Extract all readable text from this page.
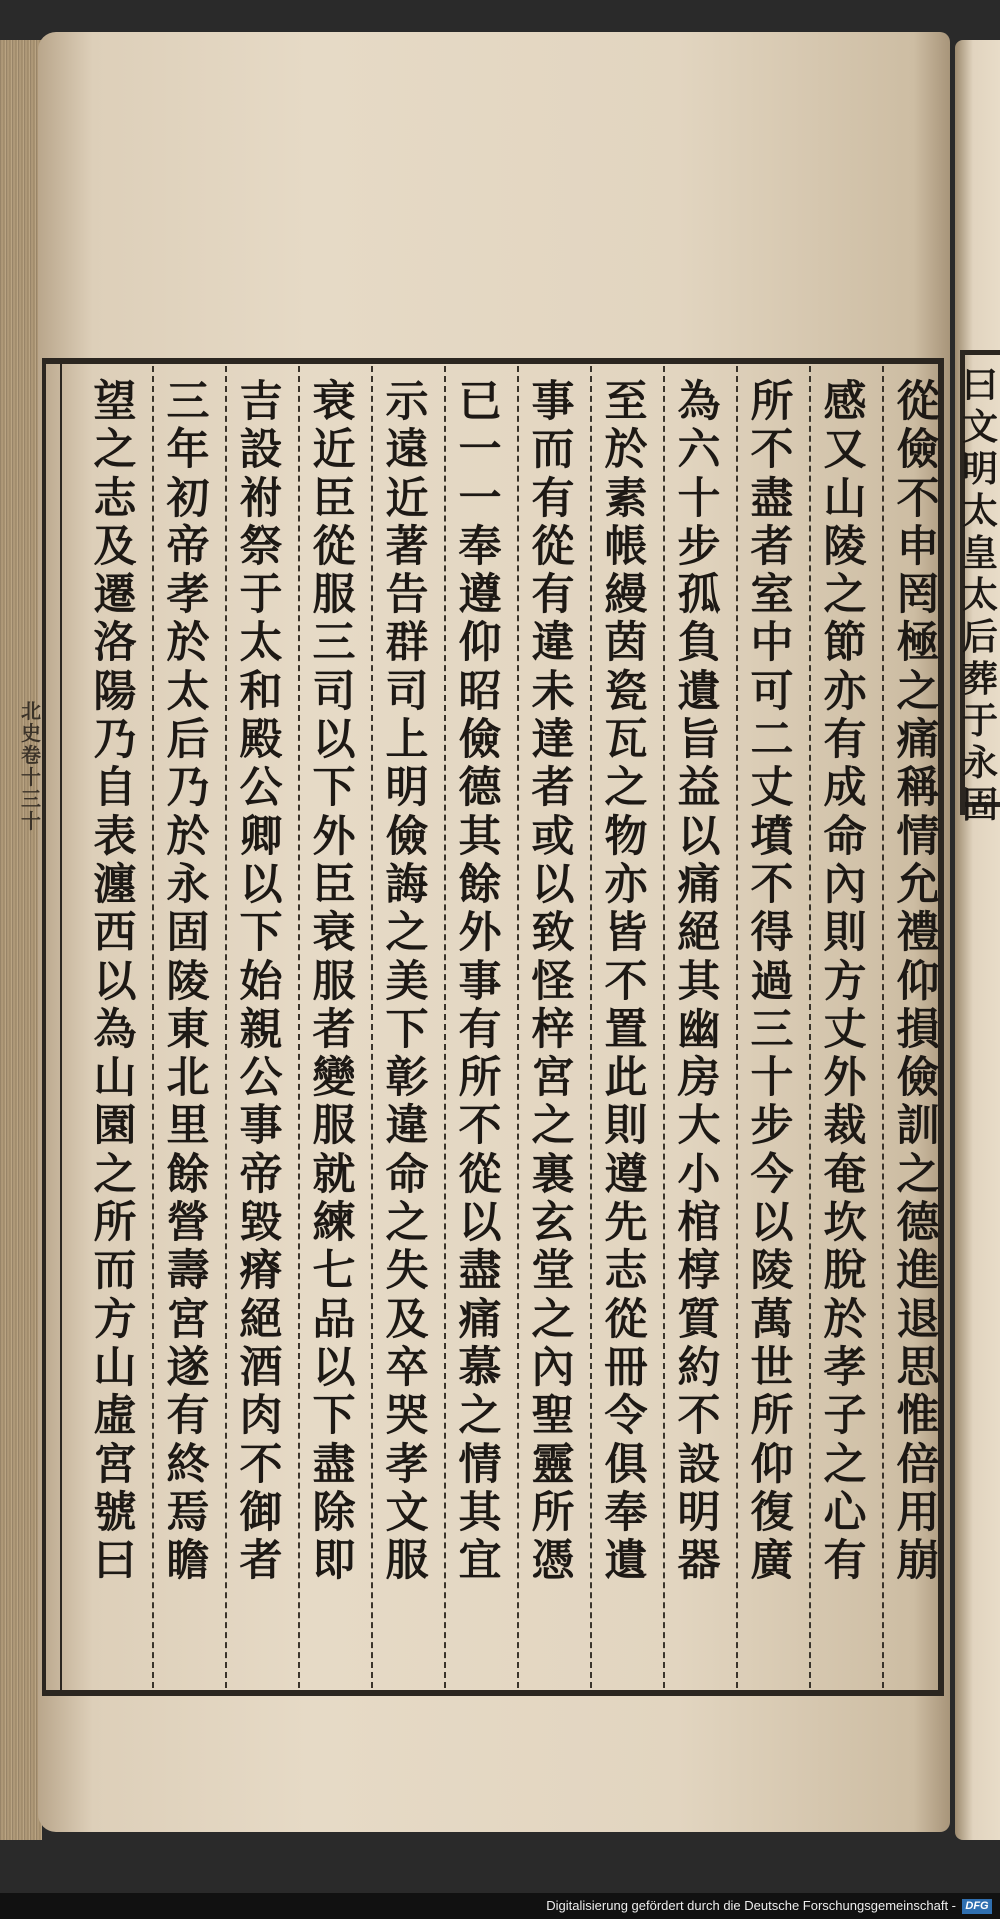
從
儉
不
申
罔
極
之
痛
稱
情
允
禮
仰
損
儉
訓
之
德
進
退
思
惟
倍
用
崩
感
又
山
陵
之
節
亦
有
成
命
內
則
方
丈
外
裁
奄
坎
脫
於
孝
子
之
心
有
所
不
盡
者
室
中
可
二
丈
墳
不
得
過
三
十
步
今
以
陵
萬
世
所
仰
復
廣
為
六
十
步
孤
負
遺
旨
益
以
痛
絕
其
幽
房
大
小
棺
椁
質
約
不
設
明
器
至
於
素
帳
縵
茵
瓷
瓦
之
物
亦
皆
不
置
此
則
遵
先
志
從
冊
令
俱
奉
遺
事
而
有
從
有
違
未
達
者
或
以
致
怪
梓
宮
之
裏
玄
堂
之
內
聖
靈
所
憑
已
一
一
奉
遵
仰
昭
儉
德
其
餘
外
事
有
所
不
從
以
盡
痛
慕
之
情
其
宜
示
遠
近
著
告
群
司
上
明
儉
誨
之
美
下
彰
違
命
之
失
及
卒
哭
孝
文
服
衰
近
臣
從
服
三
司
以
下
外
臣
衰
服
者
變
服
就
練
七
品
以
下
盡
除
即
吉
設
祔
祭
于
太
和
殿
公
卿
以
下
始
親
公
事
帝
毀
瘠
絕
酒
肉
不
御
者
三
年
初
帝
孝
於
太
后
乃
於
永
固
陵
東
北
里
餘
營
壽
宮
遂
有
終
焉
瞻
望
之
志
及
遷
洛
陽
乃
自
表
瀍
西
以
為
山
園
之
所
而
方
山
虛
宮
號
曰
曰
文
明
太
皇
太
后
葬
于
永
固
北
史
卷
十
三
十
Digitalisierung gefördert durch die Deutsche Forschungsgemeinschaft - DFG
